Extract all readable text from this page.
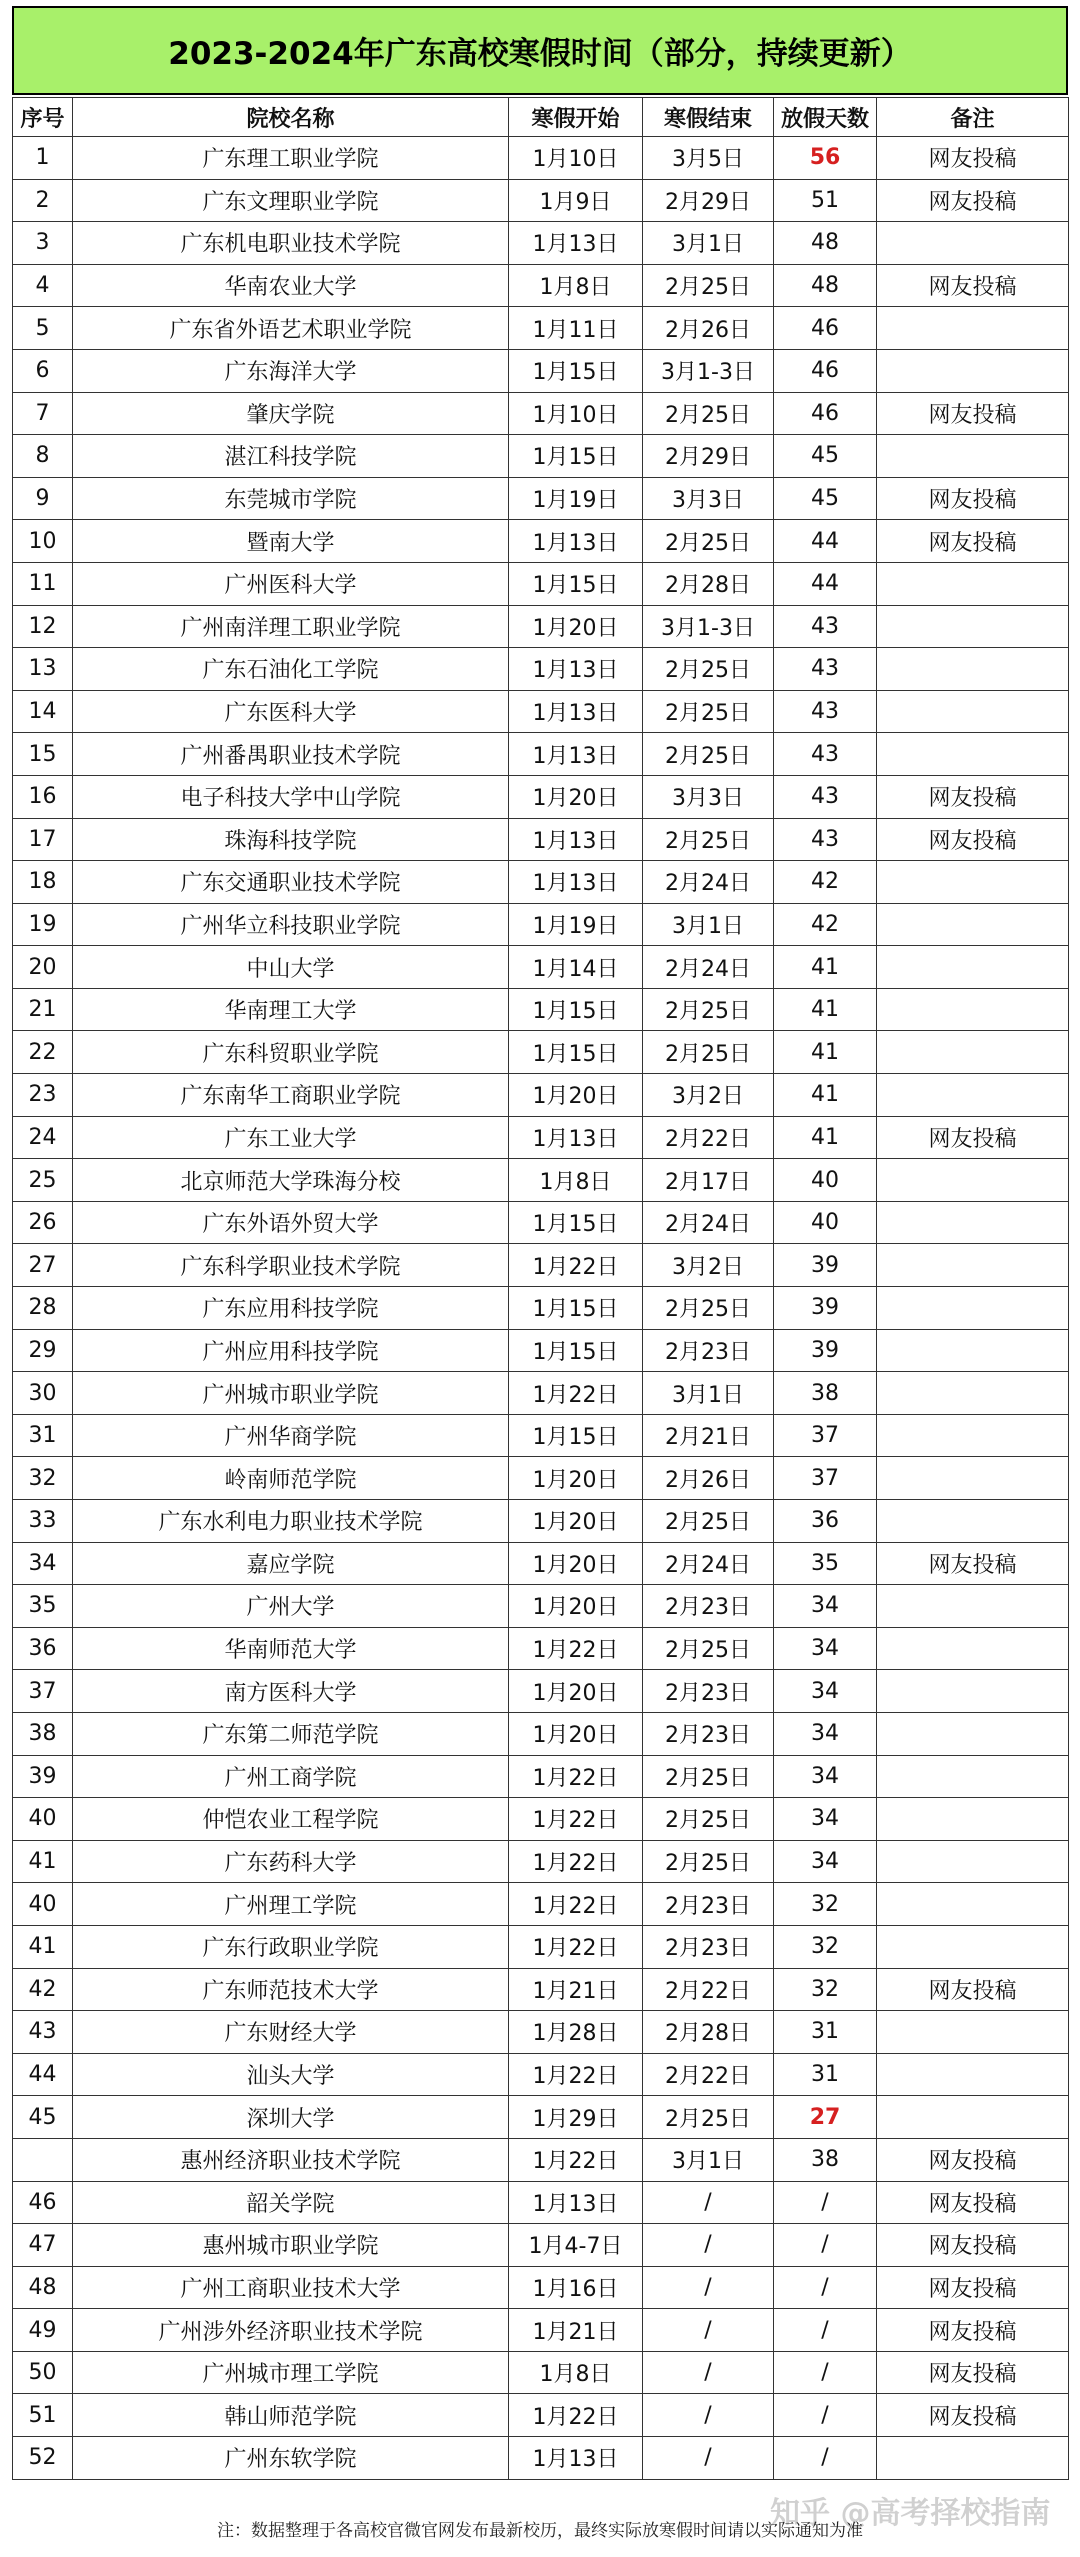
2023-2024年广东高校寒假时间（部分，持续更新）
序号	院校名称	寒假开始	寒假结束	放假天数	备注
1	广东理工职业学院	1月10日	3月5日	56	网友投稿
2	广东文理职业学院	1月9日	2月29日	51	网友投稿
3	广东机电职业技术学院	1月13日	3月1日	48	
4	华南农业大学	1月8日	2月25日	48	网友投稿
5	广东省外语艺术职业学院	1月11日	2月26日	46	
6	广东海洋大学	1月15日	3月1-3日	46	
7	肇庆学院	1月10日	2月25日	46	网友投稿
8	湛江科技学院	1月15日	2月29日	45	
9	东莞城市学院	1月19日	3月3日	45	网友投稿
10	暨南大学	1月13日	2月25日	44	网友投稿
11	广州医科大学	1月15日	2月28日	44	
12	广州南洋理工职业学院	1月20日	3月1-3日	43	
13	广东石油化工学院	1月13日	2月25日	43	
14	广东医科大学	1月13日	2月25日	43	
15	广州番禺职业技术学院	1月13日	2月25日	43	
16	电子科技大学中山学院	1月20日	3月3日	43	网友投稿
17	珠海科技学院	1月13日	2月25日	43	网友投稿
18	广东交通职业技术学院	1月13日	2月24日	42	
19	广州华立科技职业学院	1月19日	3月1日	42	
20	中山大学	1月14日	2月24日	41	
21	华南理工大学	1月15日	2月25日	41	
22	广东科贸职业学院	1月15日	2月25日	41	
23	广东南华工商职业学院	1月20日	3月2日	41	
24	广东工业大学	1月13日	2月22日	41	网友投稿
25	北京师范大学珠海分校	1月8日	2月17日	40	
26	广东外语外贸大学	1月15日	2月24日	40	
27	广东科学职业技术学院	1月22日	3月2日	39	
28	广东应用科技学院	1月15日	2月25日	39	
29	广州应用科技学院	1月15日	2月23日	39	
30	广州城市职业学院	1月22日	3月1日	38	
31	广州华商学院	1月15日	2月21日	37	
32	岭南师范学院	1月20日	2月26日	37	
33	广东水利电力职业技术学院	1月20日	2月25日	36	
34	嘉应学院	1月20日	2月24日	35	网友投稿
35	广州大学	1月20日	2月23日	34	
36	华南师范大学	1月22日	2月25日	34	
37	南方医科大学	1月20日	2月23日	34	
38	广东第二师范学院	1月20日	2月23日	34	
39	广州工商学院	1月22日	2月25日	34	
40	仲恺农业工程学院	1月22日	2月25日	34	
41	广东药科大学	1月22日	2月25日	34	
40	广州理工学院	1月22日	2月23日	32	
41	广东行政职业学院	1月22日	2月23日	32	
42	广东师范技术大学	1月21日	2月22日	32	网友投稿
43	广东财经大学	1月28日	2月28日	31	
44	汕头大学	1月22日	2月22日	31	
45	深圳大学	1月29日	2月25日	27	
	惠州经济职业技术学院	1月22日	3月1日	38	网友投稿
46	韶关学院	1月13日	/	/	网友投稿
47	惠州城市职业学院	1月4-7日	/	/	网友投稿
48	广州工商职业技术大学	1月16日	/	/	网友投稿
49	广州涉外经济职业技术学院	1月21日	/	/	网友投稿
50	广州城市理工学院	1月8日	/	/	网友投稿
51	韩山师范学院	1月22日	/	/	网友投稿
52	广州东软学院	1月13日	/	/	
知乎 @高考择校指南
注：数据整理于各高校官微官网发布最新校历，最终实际放寒假时间请以实际通知为准
